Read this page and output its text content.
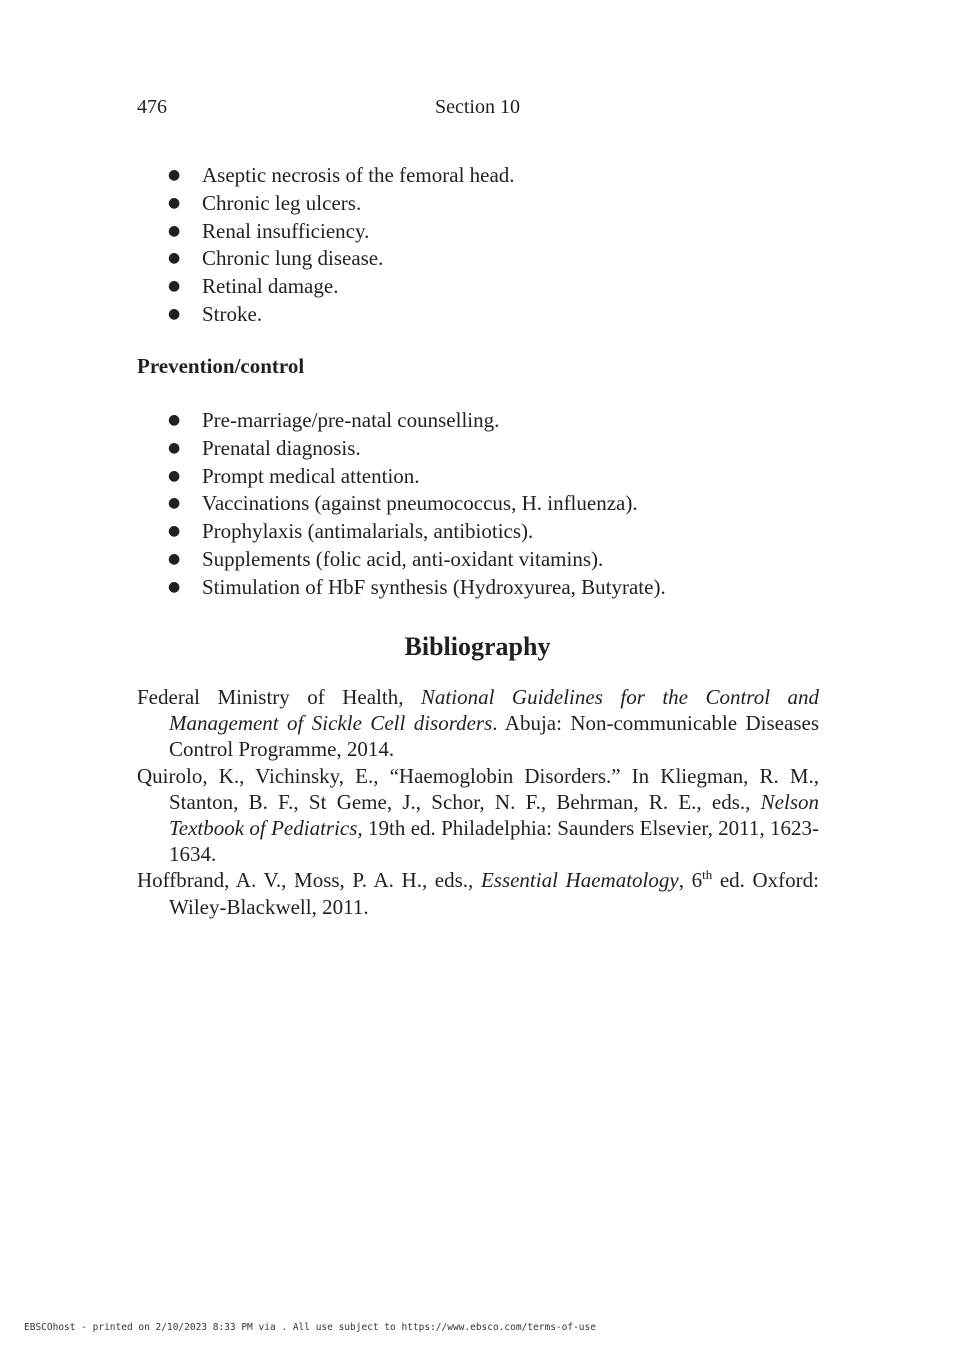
476	Section 10
● Aseptic necrosis of the femoral head.
● Chronic leg ulcers.
● Renal insufficiency.
● Chronic lung disease.
● Retinal damage.
● Stroke.
Prevention/control
● Pre-marriage/pre-natal counselling.
● Prenatal diagnosis.
● Prompt medical attention.
● Vaccinations (against pneumococcus, H. influenza).
● Prophylaxis (antimalarials, antibiotics).
● Supplements (folic acid, anti-oxidant vitamins).
● Stimulation of HbF synthesis (Hydroxyurea, Butyrate).
Bibliography

Federal Ministry of Health, National Guidelines for the Control and Management of Sickle Cell disorders. Abuja: Non-communicable Diseases Control Programme, 2014.

Quirolo, K., Vichinsky, E., “Haemoglobin Disorders.” In Kliegman, R. M., Stanton, B. F., St Geme, J., Schor, N. F., Behrman, R. E., eds., Nelson Textbook of Pediatrics, 19th ed. Philadelphia: Saunders Elsevier, 2011, 1623-1634.

Hoffbrand, A. V., Moss, P. A. H., eds., Essential Haematology, 6th ed. Oxford: Wiley-Blackwell, 2011.

EBSCOhost - printed on 2/10/2023 8:33 PM via . All use subject to https://www.ebsco.com/terms-of-use
